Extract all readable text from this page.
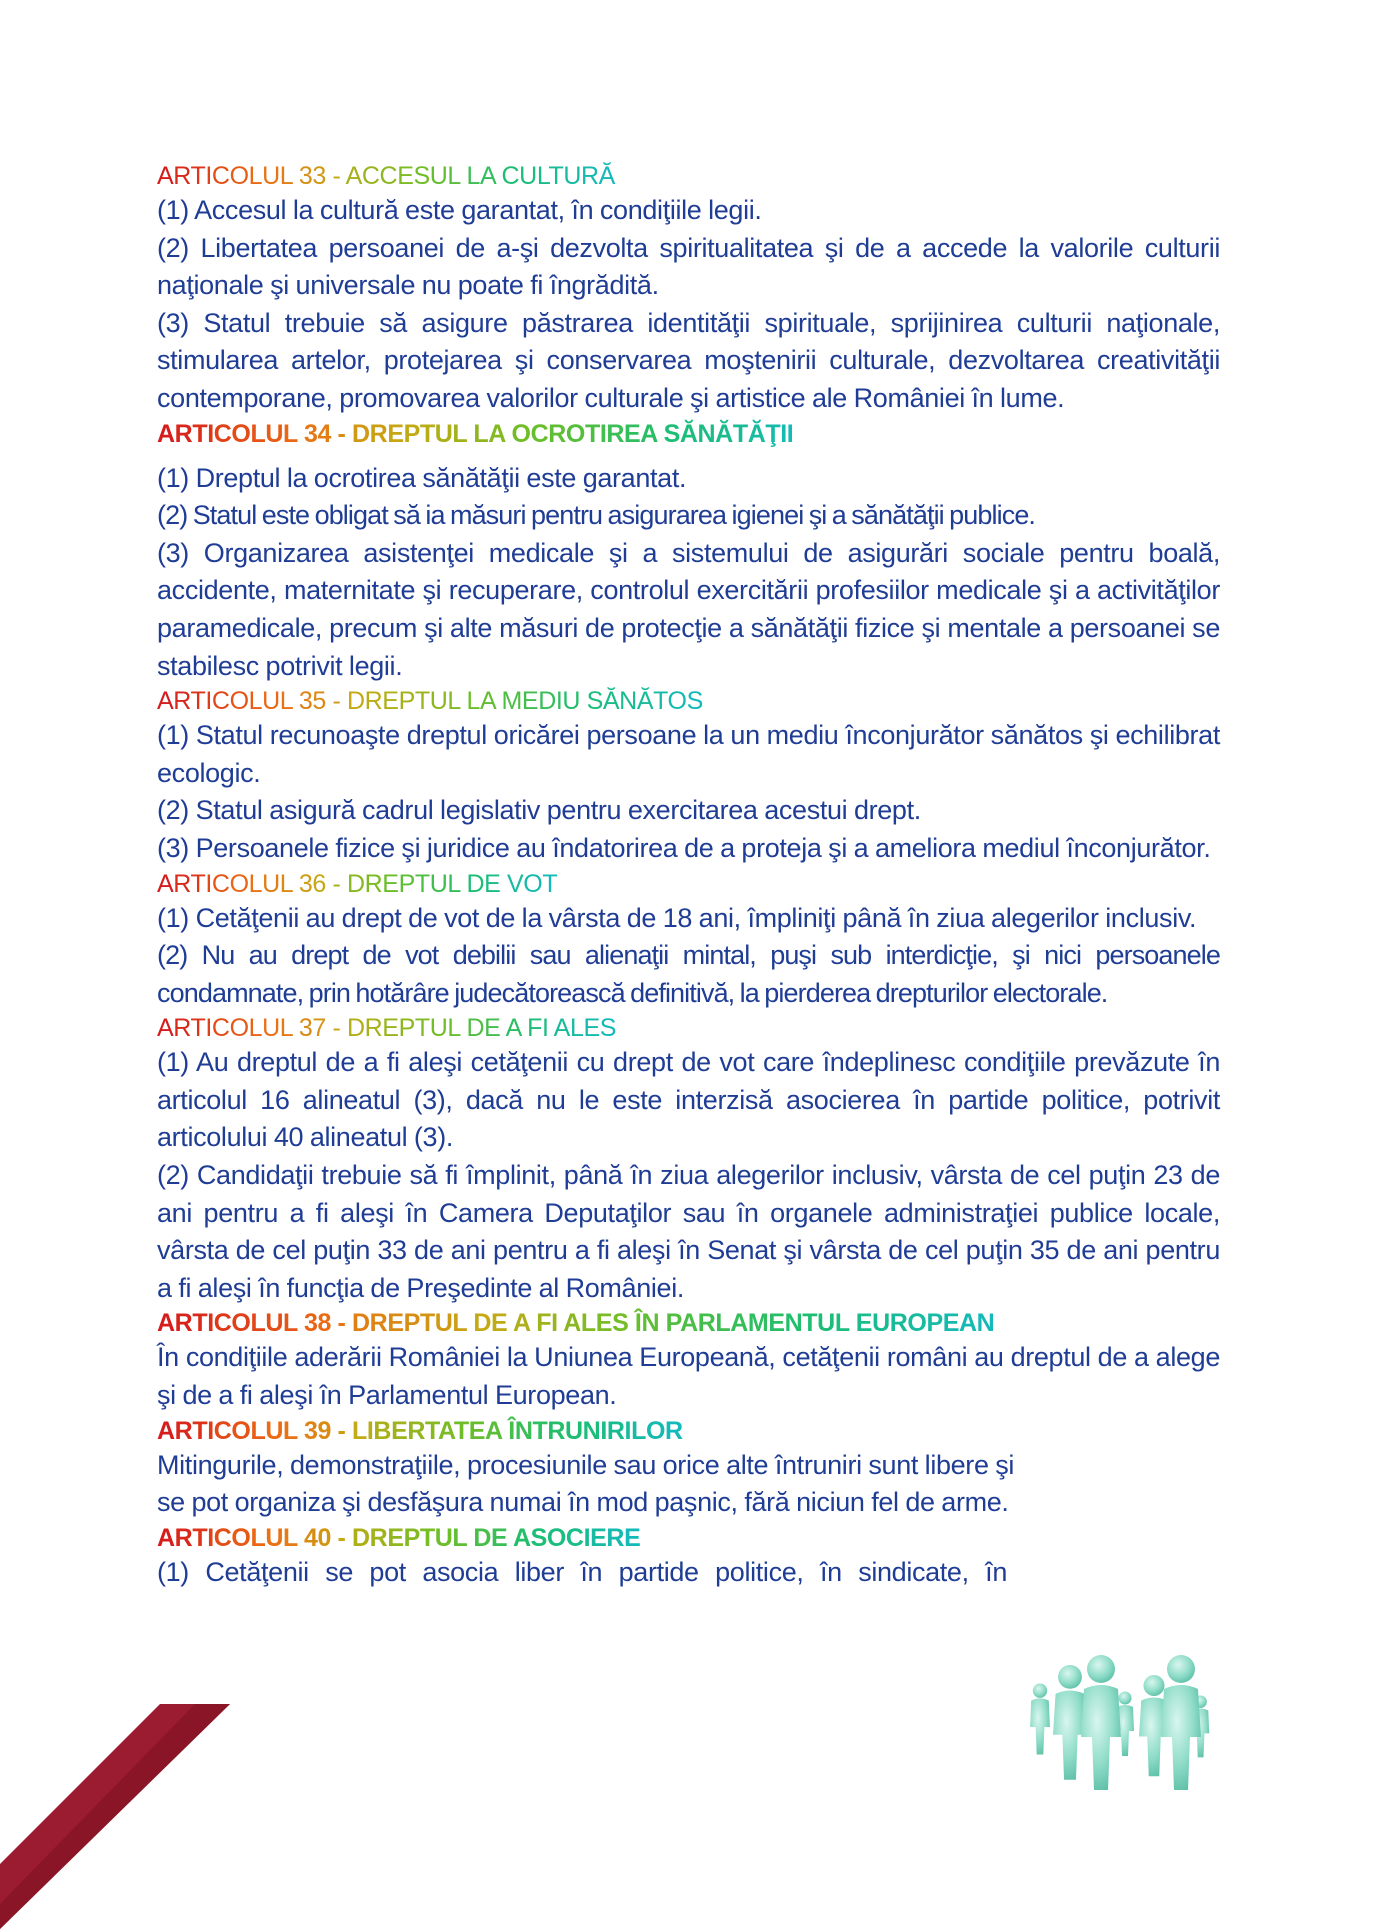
ARTICOLUL 33 - ACCESUL LA CULTURĂ
(1) Accesul la cultură este garantat, în condiţiile legii.
(2) Libertatea persoanei de a-şi dezvolta spiritualitatea şi de a accede la valorile culturii naţionale şi universale nu poate fi îngrădită.
(3) Statul trebuie să asigure păstrarea identităţii spirituale, sprijinirea culturii naţionale, stimularea artelor, protejarea şi conservarea moştenirii culturale, dezvoltarea creativităţii contemporane, promovarea valorilor culturale şi artistice ale României în lume.
ARTICOLUL 34 - DREPTUL LA OCROTIREA SĂNĂTĂŢII
(1) Dreptul la ocrotirea sănătăţii este garantat.
(2) Statul este obligat să ia măsuri pentru asigurarea igienei şi a sănătăţii publice.
(3) Organizarea asistenţei medicale şi a sistemului de asigurări sociale pentru boală, accidente, maternitate şi recuperare, controlul exercitării profesiilor medicale şi a activităţilor paramedicale, precum şi alte măsuri de protecţie a sănătăţii fizice şi mentale a persoanei se stabilesc potrivit legii.
ARTICOLUL 35 - DREPTUL LA MEDIU SĂNĂTOS
(1) Statul recunoaşte dreptul oricărei persoane la un mediu înconjurător sănătos şi echilibrat ecologic.
(2) Statul asigură cadrul legislativ pentru exercitarea acestui drept.
(3) Persoanele fizice şi juridice au îndatorirea de a proteja şi a ameliora mediul înconjurător.
ARTICOLUL 36 - DREPTUL DE VOT
(1) Cetăţenii au drept de vot de la vârsta de 18 ani, împliniţi până în ziua alegerilor inclusiv.
(2) Nu au drept de vot debilii sau alienaţii mintal, puşi sub interdicţie, şi nici persoanele condamnate, prin hotărâre judecătorească definitivă, la pierderea drepturilor electorale.
ARTICOLUL 37 - DREPTUL DE A FI ALES
(1) Au dreptul de a fi aleşi cetăţenii cu drept de vot care îndeplinesc condiţiile prevăzute în articolul 16 alineatul (3), dacă nu le este interzisă asocierea în partide politice, potrivit articolului 40 alineatul (3).
(2) Candidaţii trebuie să fi împlinit, până în ziua alegerilor inclusiv, vârsta de cel puţin 23 de ani pentru a fi aleşi în Camera Deputaţilor sau în organele administraţiei publice locale, vârsta de cel puţin 33 de ani pentru a fi aleşi în Senat şi vârsta de cel puţin 35 de ani pentru a fi aleşi în funcţia de Preşedinte al României.
ARTICOLUL 38 - DREPTUL DE A FI ALES ÎN PARLAMENTUL EUROPEAN
În condiţiile aderării României la Uniunea Europeană, cetăţenii români au dreptul de a alege şi de a fi aleşi în Parlamentul European.
ARTICOLUL 39 - LIBERTATEA ÎNTRUNIRILOR
Mitingurile, demonstraţiile, procesiunile sau orice alte întruniri sunt libere şi se pot organiza şi desfăşura numai în mod paşnic, fără niciun fel de arme.
ARTICOLUL 40 - DREPTUL DE ASOCIERE
(1) Cetăţenii se pot asocia liber în partide politice, în sindicate, în
106
